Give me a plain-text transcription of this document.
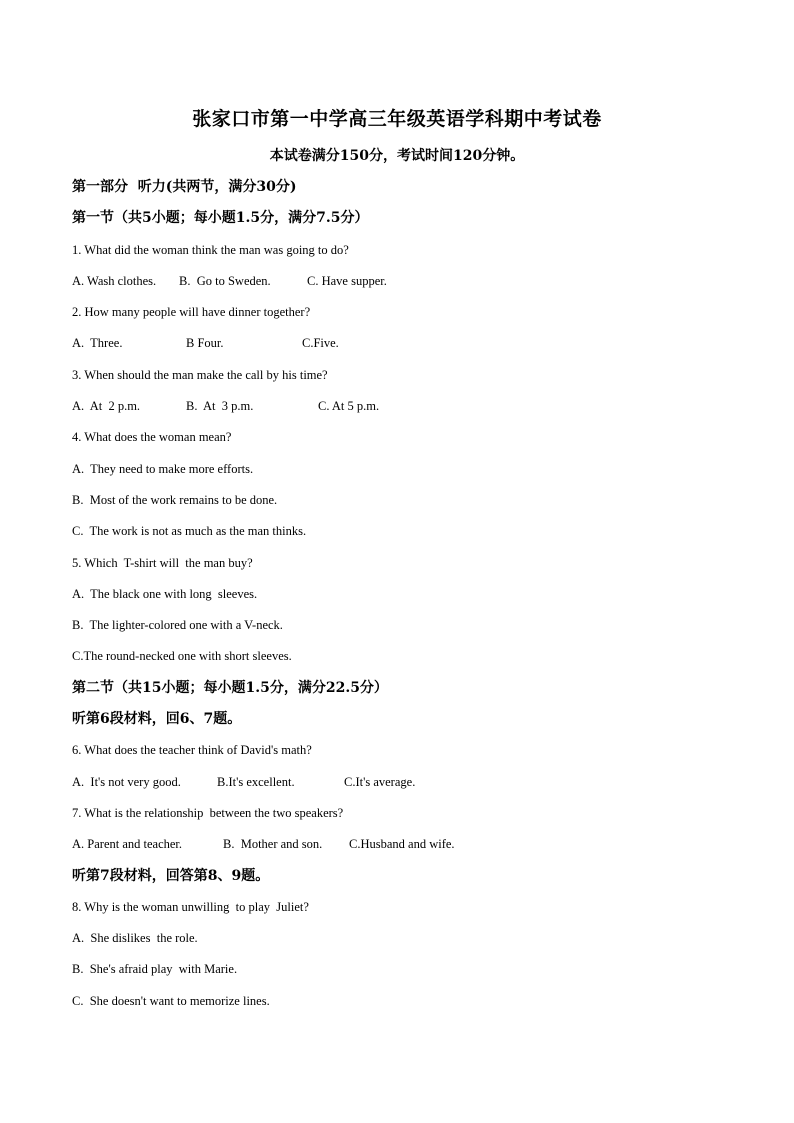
张家口市第一中学高三年级英语学科期中考试卷
本试卷满分150分，考试时间120分钟。
第一部分  听力(共两节，满分30分)
第一节（共5小题；每小题1.5分，满分7.5分）
1. What did the woman think the man was going to do?
A. Wash clothes.	B.  Go to Sweden.	C. Have supper.
2. How many people will have dinner together?
A.  Three.	B Four.	C.Five.
3. When should the man make the call by his time?
A.  At  2 p.m.	B.  At  3 p.m.	C. At 5 p.m.
4. What does the woman mean?
A.  They need to make more efforts.
B.  Most of the work remains to be done.
C.  The work is not as much as the man thinks.
5. Which  T-shirt will  the man buy?
A.  The black one with long  sleeves.
B.  The lighter-colored one with a V-neck.
C.The round-necked one with short sleeves.
第二节（共15小题；每小题1.5分，满分22.5分）
听第6段材料，回6、7题。
6. What does the teacher think of David's math?
A.  It's not very good.	B.It's excellent.	C.It's average.
7. What is the relationship  between the two speakers?
A. Parent and teacher.	B.  Mother and son.	C.Husband and wife.
听第7段材料，回答第8、9题。
8. Why is the woman unwilling  to play  Juliet?
A.  She dislikes  the role.
B.  She's afraid play  with Marie.
C.  She doesn't want to memorize lines.
